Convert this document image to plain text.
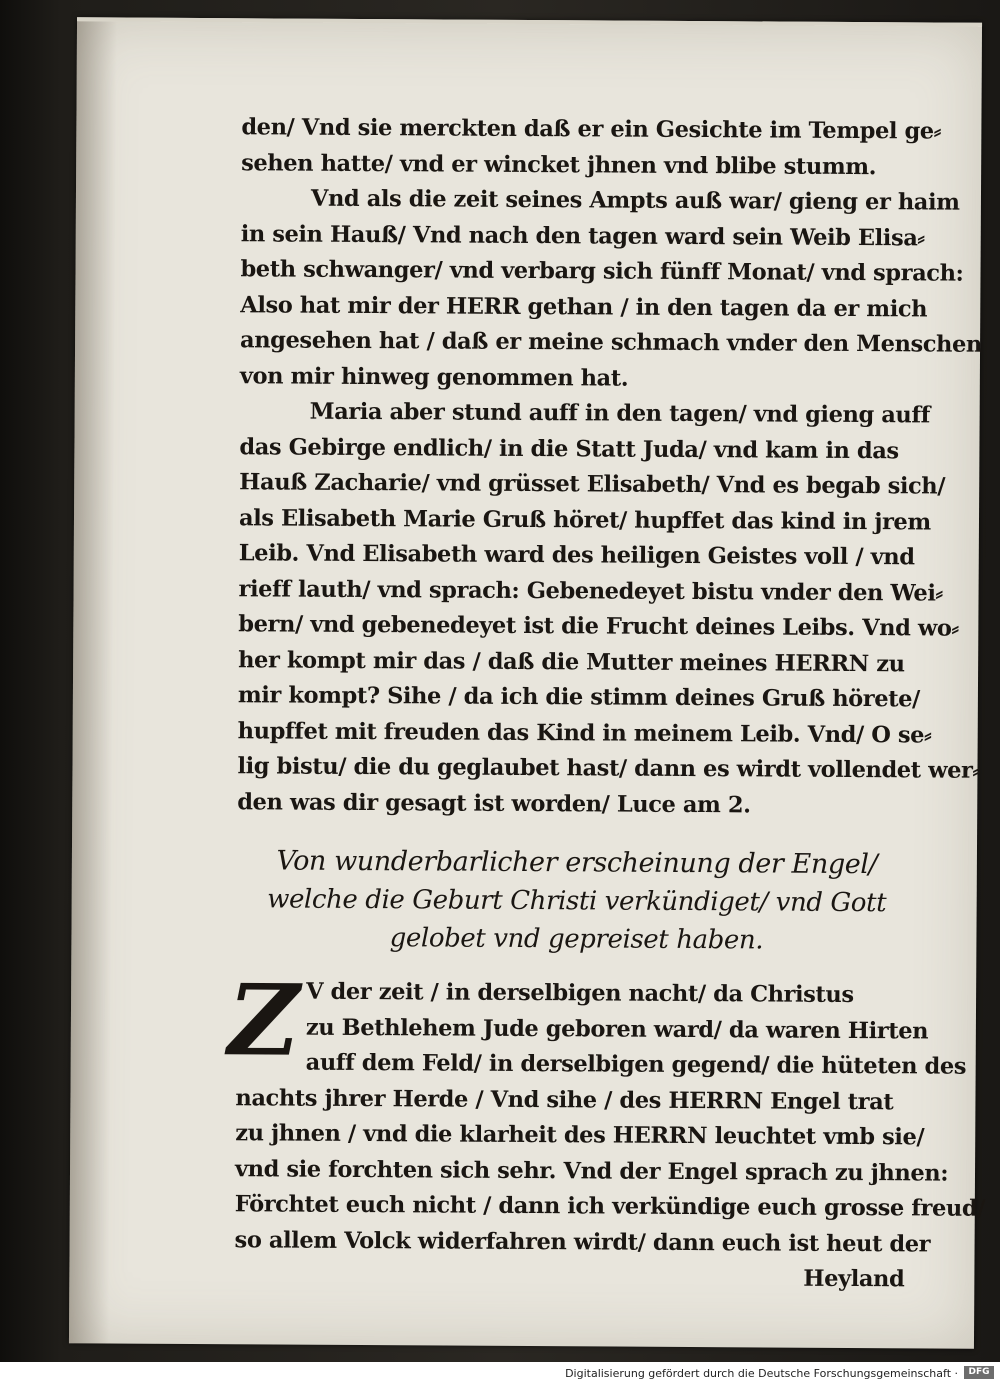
den/ Vnd sie merckten daß er ein Gesichte im Tempel ge⸗
sehen hatte/ vnd er wincket jhnen vnd blibe stumm.
Vnd als die zeit seines Ampts auß war/ gieng er haim
in sein Hauß/ Vnd nach den tagen ward sein Weib Elisa⸗
beth schwanger/ vnd verbarg sich fünff Monat/ vnd sprach:
Also hat mir der HERR gethan / in den tagen da er mich
angesehen hat / daß er meine schmach vnder den Menschen
von mir hinweg genommen hat.
Maria aber stund auff in den tagen/ vnd gieng auff
das Gebirge endlich/ in die Statt Juda/ vnd kam in das
Hauß Zacharie/ vnd grüsset Elisabeth/ Vnd es begab sich/
als Elisabeth Marie Gruß höret/ hupffet das kind in jrem
Leib. Vnd Elisabeth ward des heiligen Geistes voll / vnd
rieff lauth/ vnd sprach: Gebenedeyet bistu vnder den Wei⸗
bern/ vnd gebenedeyet ist die Frucht deines Leibs. Vnd wo⸗
her kompt mir das / daß die Mutter meines HERRN zu
mir kompt? Sihe / da ich die stimm deines Gruß hörete/
hupffet mit freuden das Kind in meinem Leib. Vnd/ O se⸗
lig bistu/ die du geglaubet hast/ dann es wirdt vollendet wer⸗
den was dir gesagt ist worden/ Luce am 2.
Von wunderbarlicher erscheinung der Engel/
welche die Geburt Christi verkündiget/ vnd Gott
gelobet vnd gepreiset haben.
Z V der zeit / in derselbigen nacht/ da Christus
zu Bethlehem Jude geboren ward/ da waren Hirten
auff dem Feld/ in derselbigen gegend/ die hüteten des
nachts jhrer Herde / Vnd sihe / des HERRN Engel trat
zu jhnen / vnd die klarheit des HERRN leuchtet vmb sie/
vnd sie forchten sich sehr. Vnd der Engel sprach zu jhnen:
Förchtet euch nicht / dann ich verkündige euch grosse freud/
so allem Volck widerfahren wirdt/ dann euch ist heut der
Heyland
Digitalisierung gefördert durch die Deutsche Forschungsgemeinschaft ·	DFG
